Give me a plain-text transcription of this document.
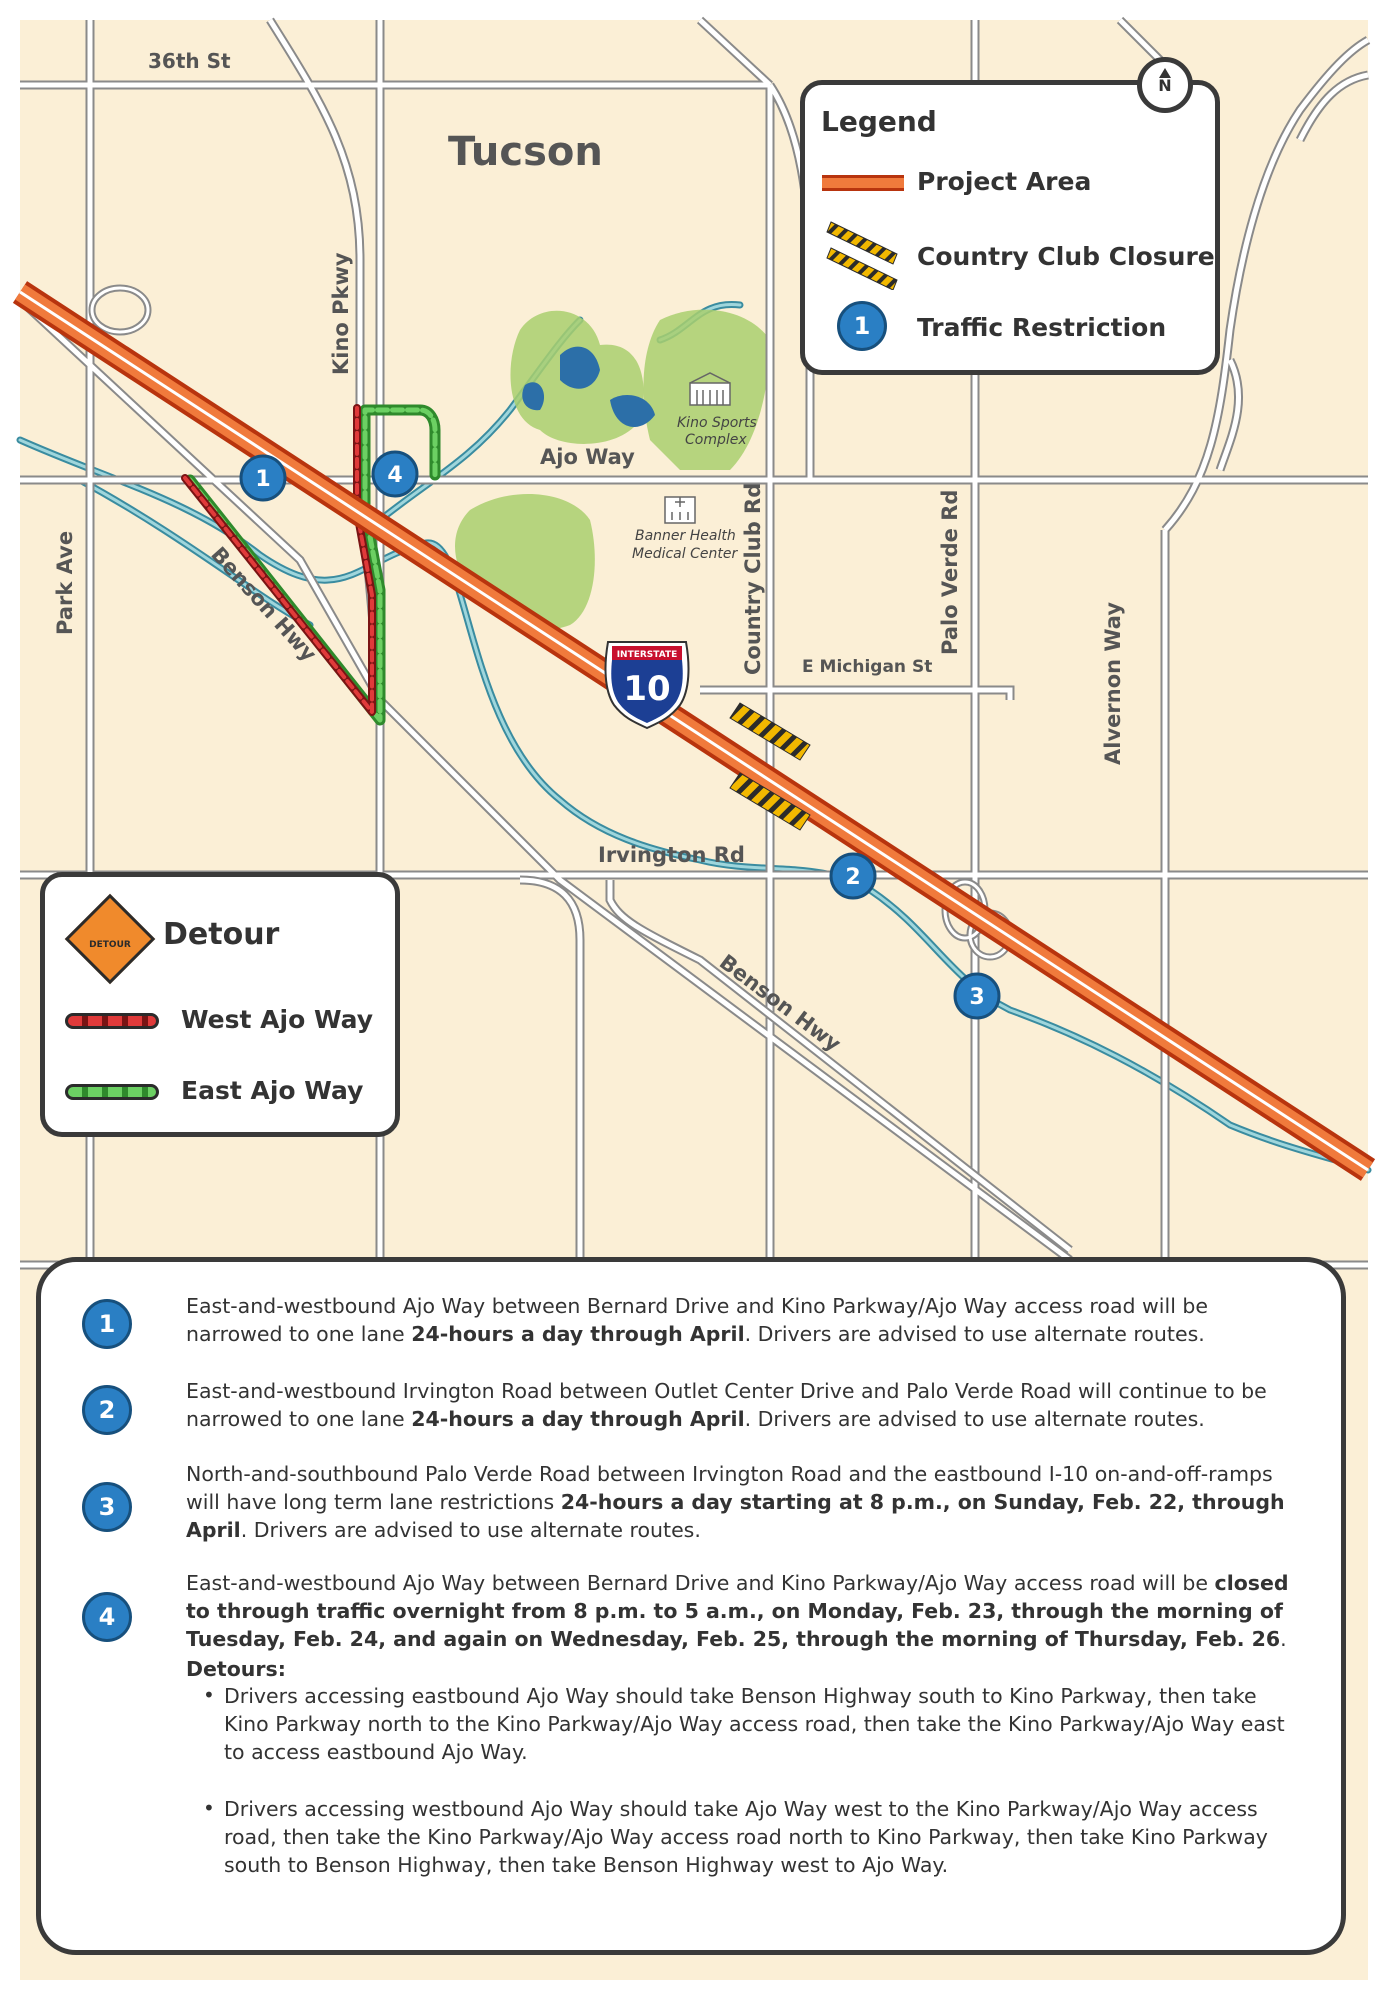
Tucson
36th St
Kino Pkwy
Ajo Way
Park Ave	Benson Hwy
Benson Hwy
Country Club Rd	Palo Verde Rd
Alvernon Way
E Michigan St
Irvington Rd
Kino Sports
Complex
Banner Health
Medical Center
INTERSTATE
10
1
2
3
4
Legend
N
Project Area
Country Club Closure
1	Traffic Restriction
DETOUR	Detour
West Ajo Way
East Ajo Way
1
East-and-westbound Ajo Way between Bernard Drive and Kino Parkway/Ajo Way access road will be narrowed to one lane 24-hours a day through April. Drivers are advised to use alternate routes.
2
East-and-westbound Irvington Road between Outlet Center Drive and Palo Verde Road will continue to be narrowed to one lane 24-hours a day through April. Drivers are advised to use alternate routes.
3
North-and-southbound Palo Verde Road between Irvington Road and the eastbound I-10 on-and-off-ramps will have long term lane restrictions 24-hours a day starting at 8 p.m., on Sunday, Feb. 22, through April. Drivers are advised to use alternate routes.
4
East-and-westbound Ajo Way between Bernard Drive and Kino Parkway/Ajo Way access road will be closed to through traffic overnight from 8 p.m. to 5 a.m., on Monday, Feb. 23, through the morning of Tuesday, Feb. 24, and again on Wednesday, Feb. 25, through the morning of Thursday, Feb. 26.
Detours:
• Drivers accessing eastbound Ajo Way should take Benson Highway south to Kino Parkway, then take Kino Parkway north to the Kino Parkway/Ajo Way access road, then take the Kino Parkway/Ajo Way east to access eastbound Ajo Way.
• Drivers accessing westbound Ajo Way should take Ajo Way west to the Kino Parkway/Ajo Way access road, then take the Kino Parkway/Ajo Way access road north to Kino Parkway, then take Kino Parkway south to Benson Highway, then take Benson Highway west to Ajo Way.
